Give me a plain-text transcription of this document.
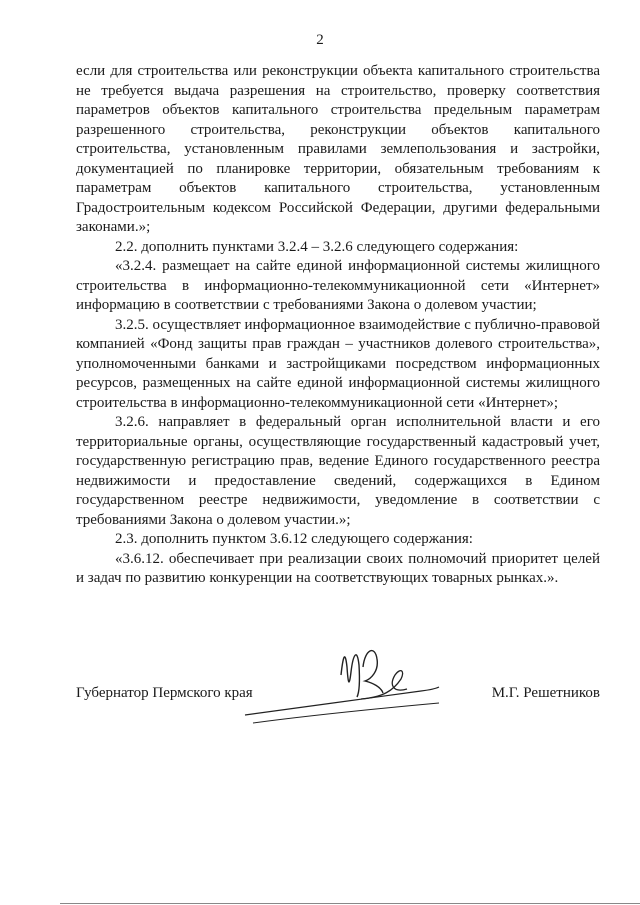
2

если для строительства или реконструкции объекта капитального строительства не требуется выдача разрешения на строительство, проверку соответствия параметров объектов капитального строительства предельным параметрам разрешенного строительства, реконструкции объектов капитального строительства, установленным правилами землепользования и застройки, документацией по планировке территории, обязательным требованиям к параметрам объектов капитального строительства, установленным Градостроительным кодексом Российской Федерации, другими федеральными законами.»;

2.2. дополнить пунктами 3.2.4 – 3.2.6 следующего содержания:

«3.2.4. размещает на сайте единой информационной системы жилищного строительства в информационно-телекоммуникационной сети «Интернет» информацию в соответствии с требованиями Закона о долевом участии;

3.2.5. осуществляет информационное взаимодействие с публично-правовой компанией «Фонд защиты прав граждан – участников долевого строительства», уполномоченными банками и застройщиками посредством информационных ресурсов, размещенных на сайте единой информационной системы жилищного строительства в информационно-телекоммуникационной сети «Интернет»;

3.2.6. направляет в федеральный орган исполнительной власти и его территориальные органы, осуществляющие государственный кадастровый учет, государственную регистрацию прав, ведение Единого государственного реестра недвижимости и предоставление сведений, содержащихся в Едином государственном реестре недвижимости, уведомление в соответствии с требованиями Закона о долевом участии.»;

2.3. дополнить пунктом 3.6.12 следующего содержания:

«3.6.12. обеспечивает при реализации своих полномочий приоритет целей и задач по развитию конкуренции на соответствующих товарных рынках.».

Губернатор Пермского края	М.Г. Решетников
